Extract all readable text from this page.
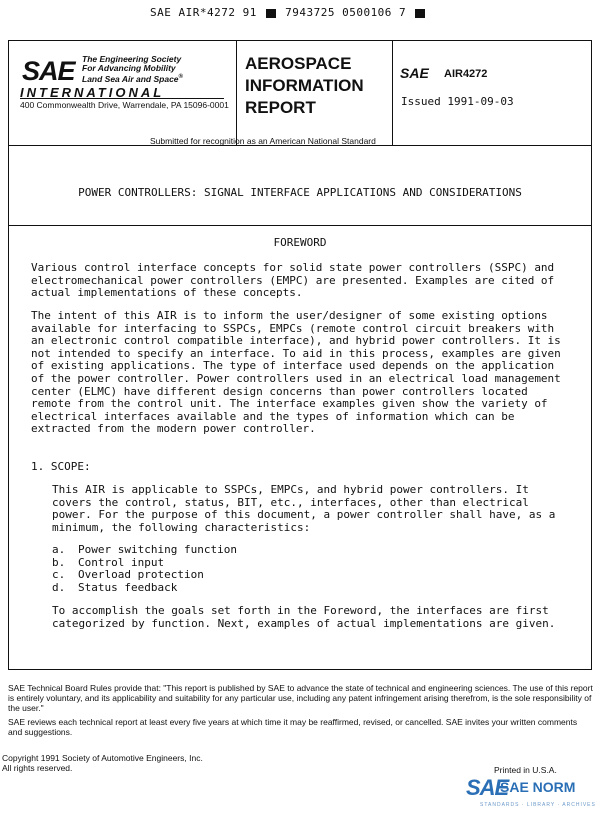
SAE AIR*4272 91	7943725 0500106 7
SAE The Engineering Society
For Advancing Mobility
Land Sea Air and Space®
INTERNATIONAL
400 Commonwealth Drive, Warrendale, PA 15096-0001
AEROSPACE
INFORMATION
REPORT
SAE AIR4272
Issued 1991-09-03
Submitted for recognition as an American National Standard
POWER CONTROLLERS: SIGNAL INTERFACE APPLICATIONS AND CONSIDERATIONS
FOREWORD
Various control interface concepts for solid state power controllers (SSPC) and electromechanical power controllers (EMPC) are presented. Examples are cited of actual implementations of these concepts.
The intent of this AIR is to inform the user/designer of some existing options available for interfacing to SSPCs, EMPCs (remote control circuit breakers with an electronic control compatible interface), and hybrid power controllers. It is not intended to specify an interface. To aid in this process, examples are given of existing applications. The type of interface used depends on the application of the power controller. Power controllers used in an electrical load management center (ELMC) have different design concerns than power controllers located remote from the control unit. The interface examples given show the variety of electrical interfaces available and the types of information which can be extracted from the modern power controller.
1. SCOPE:
This AIR is applicable to SSPCs, EMPCs, and hybrid power controllers. It covers the control, status, BIT, etc., interfaces, other than electrical power. For the purpose of this document, a power controller shall have, as a minimum, the following characteristics:
a. Power switching function
b. Control input
c. Overload protection
d. Status feedback
To accomplish the goals set forth in the Foreword, the interfaces are first categorized by function. Next, examples of actual implementations are given.
SAE Technical Board Rules provide that: "This report is published by SAE to advance the state of technical and engineering sciences. The use of this report is entirely voluntary, and its applicability and suitability for any particular use, including any patent infringement arising therefrom, is the sole responsibility of the user."
SAE reviews each technical report at least every five years at which time it may be reaffirmed, revised, or cancelled. SAE invites your written comments and suggestions.
Copyright 1991 Society of Automotive Engineers, Inc.
All rights reserved.	Printed in U.S.A.
SAE
SAE NORM
STANDARDS · LIBRARY · ARCHIVES
